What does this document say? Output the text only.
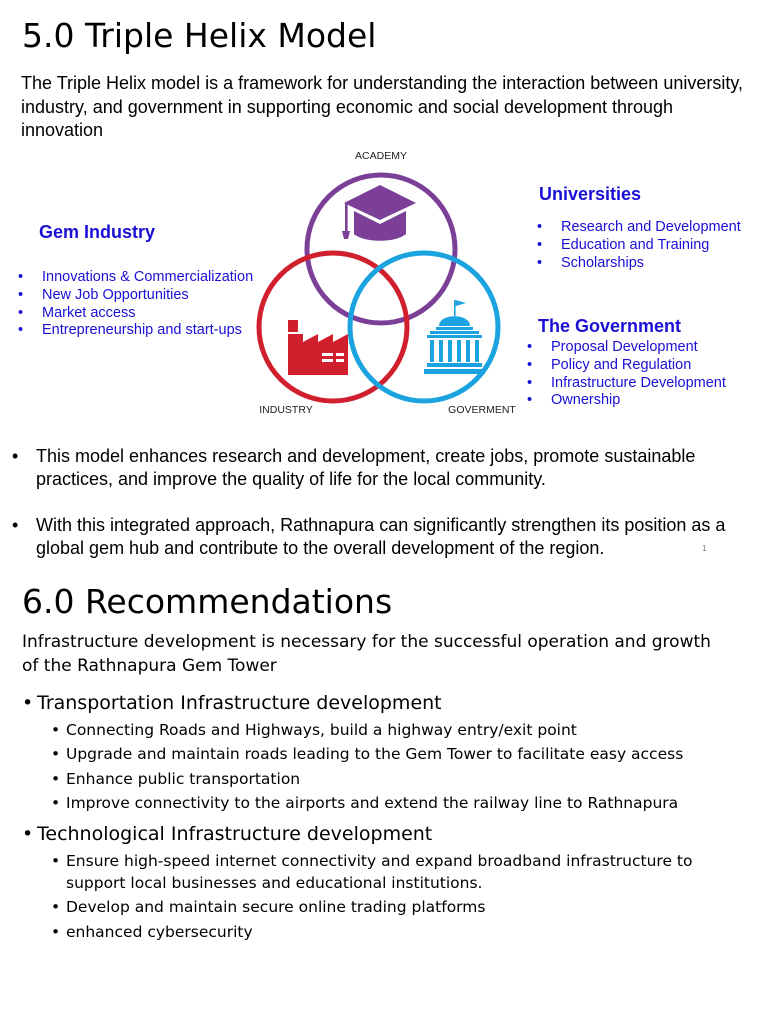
5.0 Triple Helix Model
The Triple Helix model is a framework for understanding the interaction between university, industry, and government in supporting economic and social development through innovation
ACADEMY
INDUSTRY	GOVERMENT
Universities
• Research and Development
• Education and Training
• Scholarships
Gem Industry
• Innovations & Commercialization
• New Job Opportunities
• Market access
• Entrepreneurship and start-ups	The Government
• Proposal Development
• Policy and Regulation
• Infrastructure Development
• Ownership
• This model enhances research and development, create jobs, promote sustainable practices, and improve the quality of life for the local community.
• With this integrated approach, Rathnapura can significantly strengthen its position as a global gem hub and contribute to the overall development of the region.	1
6.0 Recommendations
Infrastructure development is necessary for the successful operation and growth of the Rathnapura Gem Tower
• Transportation Infrastructure development
• Connecting Roads and Highways, build a highway entry/exit point
• Upgrade and maintain roads leading to the Gem Tower to facilitate easy access
• Enhance public transportation
• Improve connectivity to the airports and extend the railway line to Rathnapura
• Technological Infrastructure development
• Ensure high-speed internet connectivity and expand broadband infrastructure to support local businesses and educational institutions.
• Develop and maintain secure online trading platforms
• enhanced cybersecurity
